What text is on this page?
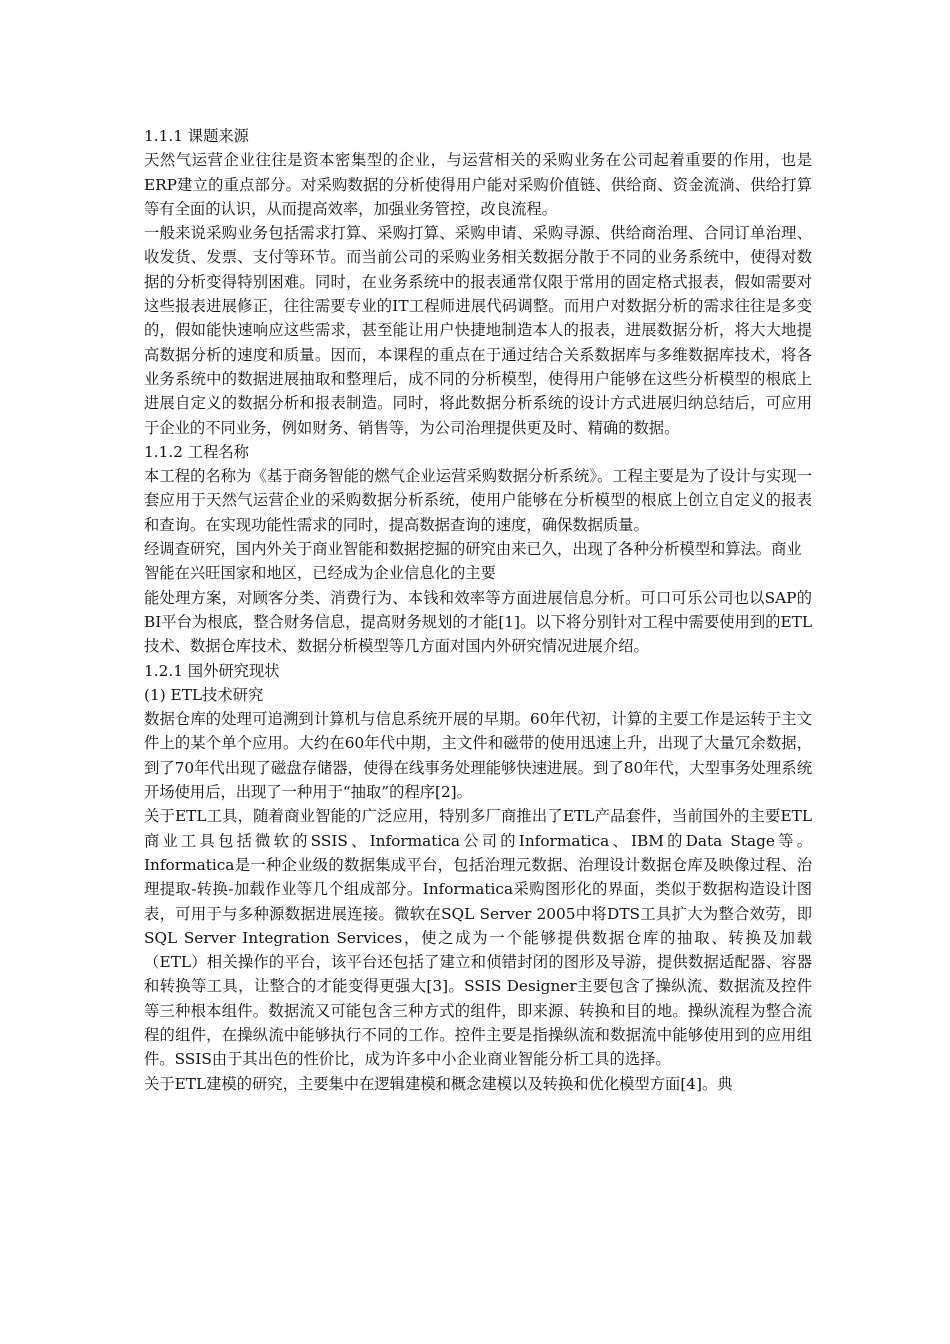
1.1.1 课题来源

天然气运营企业往往是资本密集型的企业，与运营相关的采购业务在公司起着重要的作用，也是ERP建立的重点部分。对采购数据的分析使得用户能对采购价值链、供给商、资金流淌、供给打算等有全面的认识，从而提高效率，加强业务管控，改良流程。

一般来说采购业务包括需求打算、采购打算、采购申请、采购寻源、供给商治理、合同订单治理、收发货、发票、支付等环节。而当前公司的采购业务相关数据分散于不同的业务系统中，使得对数据的分析变得特别困难。同时，在业务系统中的报表通常仅限于常用的固定格式报表，假如需要对这些报表进展修正，往往需要专业的IT工程师进展代码调整。而用户对数据分析的需求往往是多变的，假如能快速响应这些需求，甚至能让用户快捷地制造本人的报表，进展数据分析，将大大地提高数据分析的速度和质量。因而，本课程的重点在于通过结合关系数据库与多维数据库技术，将各业务系统中的数据进展抽取和整理后，成不同的分析模型，使得用户能够在这些分析模型的根底上进展自定义的数据分析和报表制造。同时，将此数据分析系统的设计方式进展归纳总结后，可应用于企业的不同业务，例如财务、销售等，为公司治理提供更及时、精确的数据。

1.1.2 工程名称

本工程的名称为《基于商务智能的燃气企业运营采购数据分析系统》。工程主要是为了设计与实现一套应用于天然气运营企业的采购数据分析系统，使用户能够在分析模型的根底上创立自定义的报表和查询。在实现功能性需求的同时，提高数据查询的速度，确保数据质量。

经调查研究，国内外关于商业智能和数据挖掘的研究由来已久，出现了各种分析模型和算法。商业智能在兴旺国家和地区，已经成为企业信息化的主要

能处理方案，对顾客分类、消费行为、本钱和效率等方面进展信息分析。可口可乐公司也以SAP的BI平台为根底，整合财务信息，提高财务规划的才能[1]。以下将分别针对工程中需要使用到的ETL技术、数据仓库技术、数据分析模型等几方面对国内外研究情况进展介绍。

1.2.1 国外研究现状

(1) ETL技术研究

数据仓库的处理可追溯到计算机与信息系统开展的早期。60年代初，计算的主要工作是运转于主文件上的某个单个应用。大约在60年代中期，主文件和磁带的使用迅速上升，出现了大量冗余数据，到了70年代出现了磁盘存储器，使得在线事务处理能够快速进展。到了80年代，大型事务处理系统开场使用后，出现了一种用于“抽取”的程序[2]。

关于ETL工具，随着商业智能的广泛应用，特别多厂商推出了ETL产品套件，当前国外的主要ETL商业工具包括微软的SSIS、Informatica公司的Informatica、IBM的Data Stage等。Informatica是一种企业级的数据集成平台，包括治理元数据、治理设计数据仓库及映像过程、治理提取-转换-加载作业等几个组成部分。Informatica采购图形化的界面，类似于数据构造设计图表，可用于与多种源数据进展连接。微软在SQL Server 2005中将DTS工具扩大为整合效劳，即SQL Server Integration Services，使之成为一个能够提供数据仓库的抽取、转换及加载（ETL）相关操作的平台，该平台还包括了建立和侦错封闭的图形及导游，提供数据适配器、容器和转换等工具，让整合的才能变得更强大[3]。SSIS Designer主要包含了操纵流、数据流及控件等三种根本组件。数据流又可能包含三种方式的组件，即来源、转换和目的地。操纵流程为整合流程的组件，在操纵流中能够执行不同的工作。控件主要是指操纵流和数据流中能够使用到的应用组件。SSIS由于其出色的性价比，成为许多中小企业商业智能分析工具的选择。

关于ETL建模的研究，主要集中在逻辑建模和概念建模以及转换和优化模型方面[4]。典
